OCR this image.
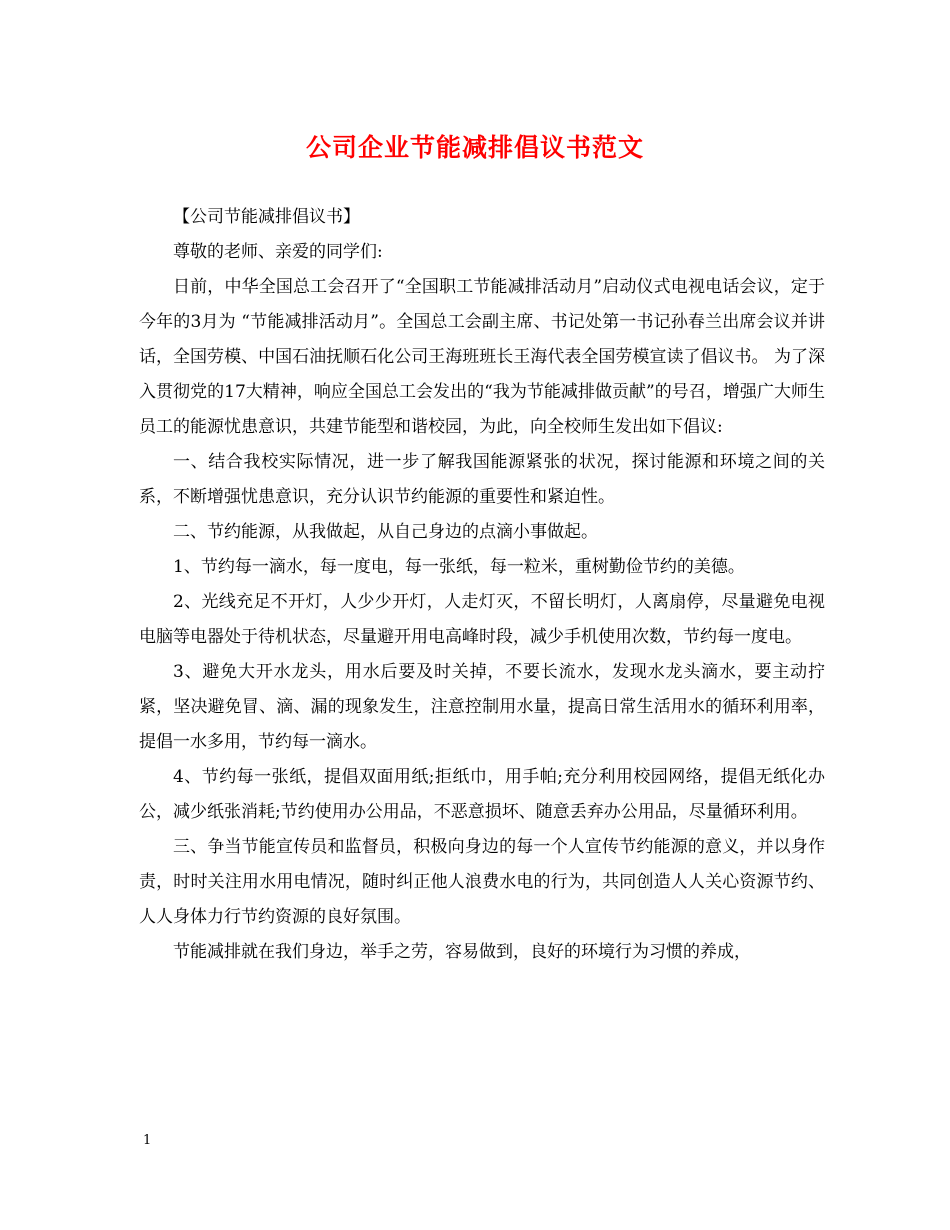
公司企业节能减排倡议书范文

【公司节能减排倡议书】

尊敬的老师、亲爱的同学们:

日前，中华全国总工会召开了“全国职工节能减排活动月”启动仪式电视电话会议，定于今年的3月为 “节能减排活动月”。全国总工会副主席、书记处第一书记孙春兰出席会议并讲话，全国劳模、中国石油抚顺石化公司王海班班长王海代表全国劳模宣读了倡议书。 为了深入贯彻党的17大精神，响应全国总工会发出的“我为节能减排做贡献”的号召，增强广大师生员工的能源忧患意识，共建节能型和谐校园，为此，向全校师生发出如下倡议:

一、结合我校实际情况，进一步了解我国能源紧张的状况，探讨能源和环境之间的关系，不断增强忧患意识，充分认识节约能源的重要性和紧迫性。

二、节约能源，从我做起，从自己身边的点滴小事做起。

1、节约每一滴水，每一度电，每一张纸，每一粒米，重树勤俭节约的美德。

2、光线充足不开灯，人少少开灯，人走灯灭，不留长明灯，人离扇停，尽量避免电视电脑等电器处于待机状态，尽量避开用电高峰时段，减少手机使用次数，节约每一度电。

3、避免大开水龙头，用水后要及时关掉，不要长流水，发现水龙头滴水，要主动拧紧，坚决避免冒、滴、漏的现象发生，注意控制用水量，提高日常生活用水的循环利用率，提倡一水多用，节约每一滴水。

4、节约每一张纸，提倡双面用纸;拒纸巾，用手帕;充分利用校园网络，提倡无纸化办公，减少纸张消耗;节约使用办公用品，不恶意损坏、随意丢弃办公用品，尽量循环利用。

三、争当节能宣传员和监督员，积极向身边的每一个人宣传节约能源的意义，并以身作责，时时关注用水用电情况，随时纠正他人浪费水电的行为，共同创造人人关心资源节约、人人身体力行节约资源的良好氛围。

节能减排就在我们身边，举手之劳，容易做到，良好的环境行为习惯的养成，

1
